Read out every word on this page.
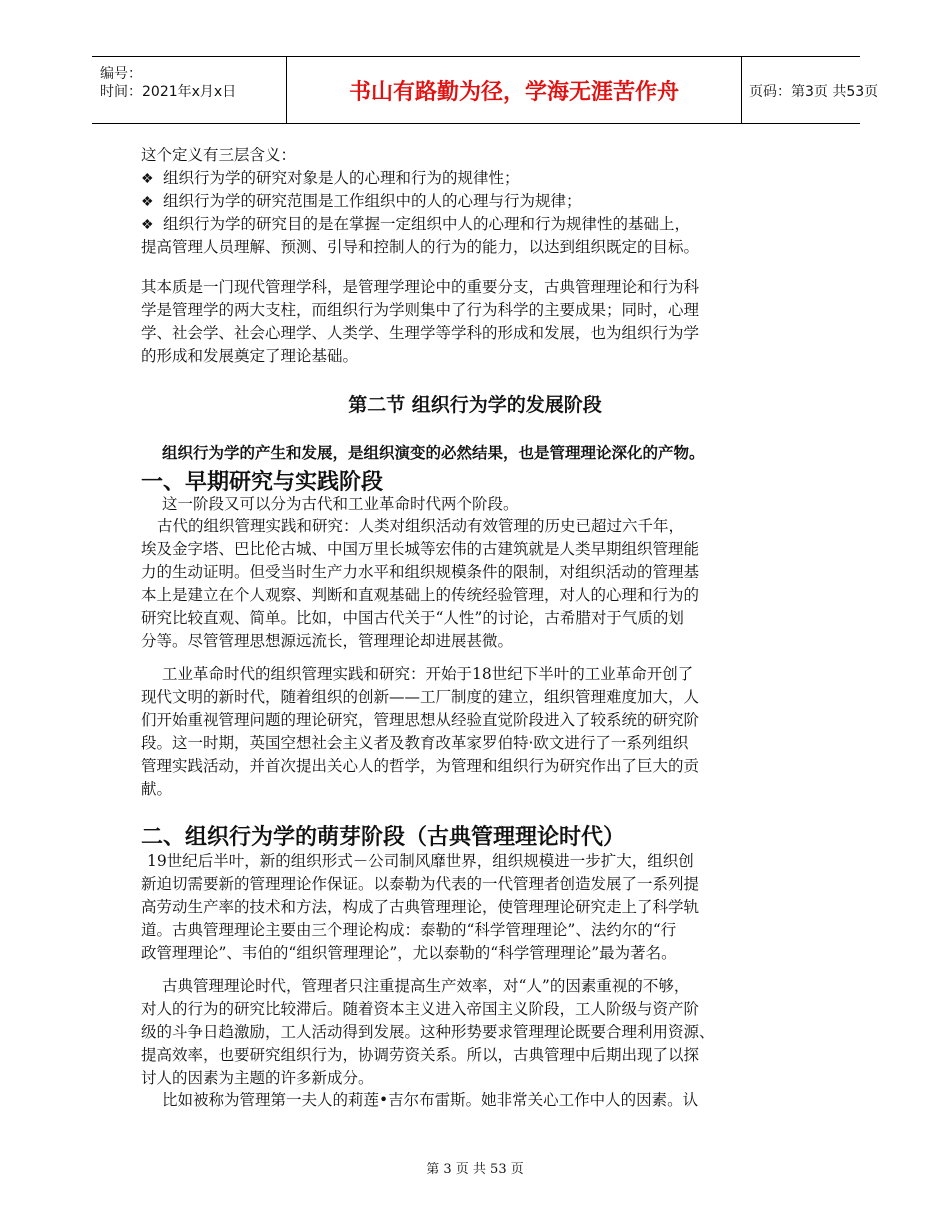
编号：
时间：2021年x月x日	书山有路勤为径，学海无涯苦作舟	页码：第3页 共53页
这个定义有三层含义：
❖ 组织行为学的研究对象是人的心理和行为的规律性；
❖ 组织行为学的研究范围是工作组织中的人的心理与行为规律；
❖ 组织行为学的研究目的是在掌握一定组织中人的心理和行为规律性的基础上，
提高管理人员理解、预测、引导和控制人的行为的能力，以达到组织既定的目标。
其本质是一门现代管理学科，是管理学理论中的重要分支，古典管理理论和行为科
学是管理学的两大支柱，而组织行为学则集中了行为科学的主要成果；同时，心理
学、社会学、社会心理学、人类学、生理学等学科的形成和发展，也为组织行为学
的形成和发展奠定了理论基础。
第二节 组织行为学的发展阶段
组织行为学的产生和发展，是组织演变的必然结果，也是管理理论深化的产物。
一、早期研究与实践阶段
这一阶段又可以分为古代和工业革命时代两个阶段。
古代的组织管理实践和研究：人类对组织活动有效管理的历史已超过六千年，
埃及金字塔、巴比伦古城、中国万里长城等宏伟的古建筑就是人类早期组织管理能
力的生动证明。但受当时生产力水平和组织规模条件的限制，对组织活动的管理基
本上是建立在个人观察、判断和直观基础上的传统经验管理，对人的心理和行为的
研究比较直观、简单。比如，中国古代关于“人性”的讨论，古希腊对于气质的划
分等。尽管管理思想源远流长，管理理论却进展甚微。
工业革命时代的组织管理实践和研究：开始于18世纪下半叶的工业革命开创了
现代文明的新时代，随着组织的创新——工厂制度的建立，组织管理难度加大，人
们开始重视管理问题的理论研究，管理思想从经验直觉阶段进入了较系统的研究阶
段。这一时期，英国空想社会主义者及教育改革家罗伯特·欧文进行了一系列组织
管理实践活动，并首次提出关心人的哲学，为管理和组织行为研究作出了巨大的贡
献。
二、组织行为学的萌芽阶段（古典管理理论时代）
19世纪后半叶，新的组织形式－公司制风靡世界，组织规模进一步扩大，组织创
新迫切需要新的管理理论作保证。以泰勒为代表的一代管理者创造发展了一系列提
高劳动生产率的技术和方法，构成了古典管理理论，使管理理论研究走上了科学轨
道。古典管理理论主要由三个理论构成：泰勒的“科学管理理论”、法约尔的“行
政管理理论”、韦伯的“组织管理理论”，尤以泰勒的“科学管理理论”最为著名。
古典管理理论时代，管理者只注重提高生产效率，对“人”的因素重视的不够，
对人的行为的研究比较滞后。随着资本主义进入帝国主义阶段，工人阶级与资产阶
级的斗争日趋激励，工人活动得到发展。这种形势要求管理理论既要合理利用资源、
提高效率，也要研究组织行为，协调劳资关系。所以，古典管理中后期出现了以探
讨人的因素为主题的许多新成分。
比如被称为管理第一夫人的莉莲•吉尔布雷斯。她非常关心工作中人的因素。认
第 3 页 共 53 页
